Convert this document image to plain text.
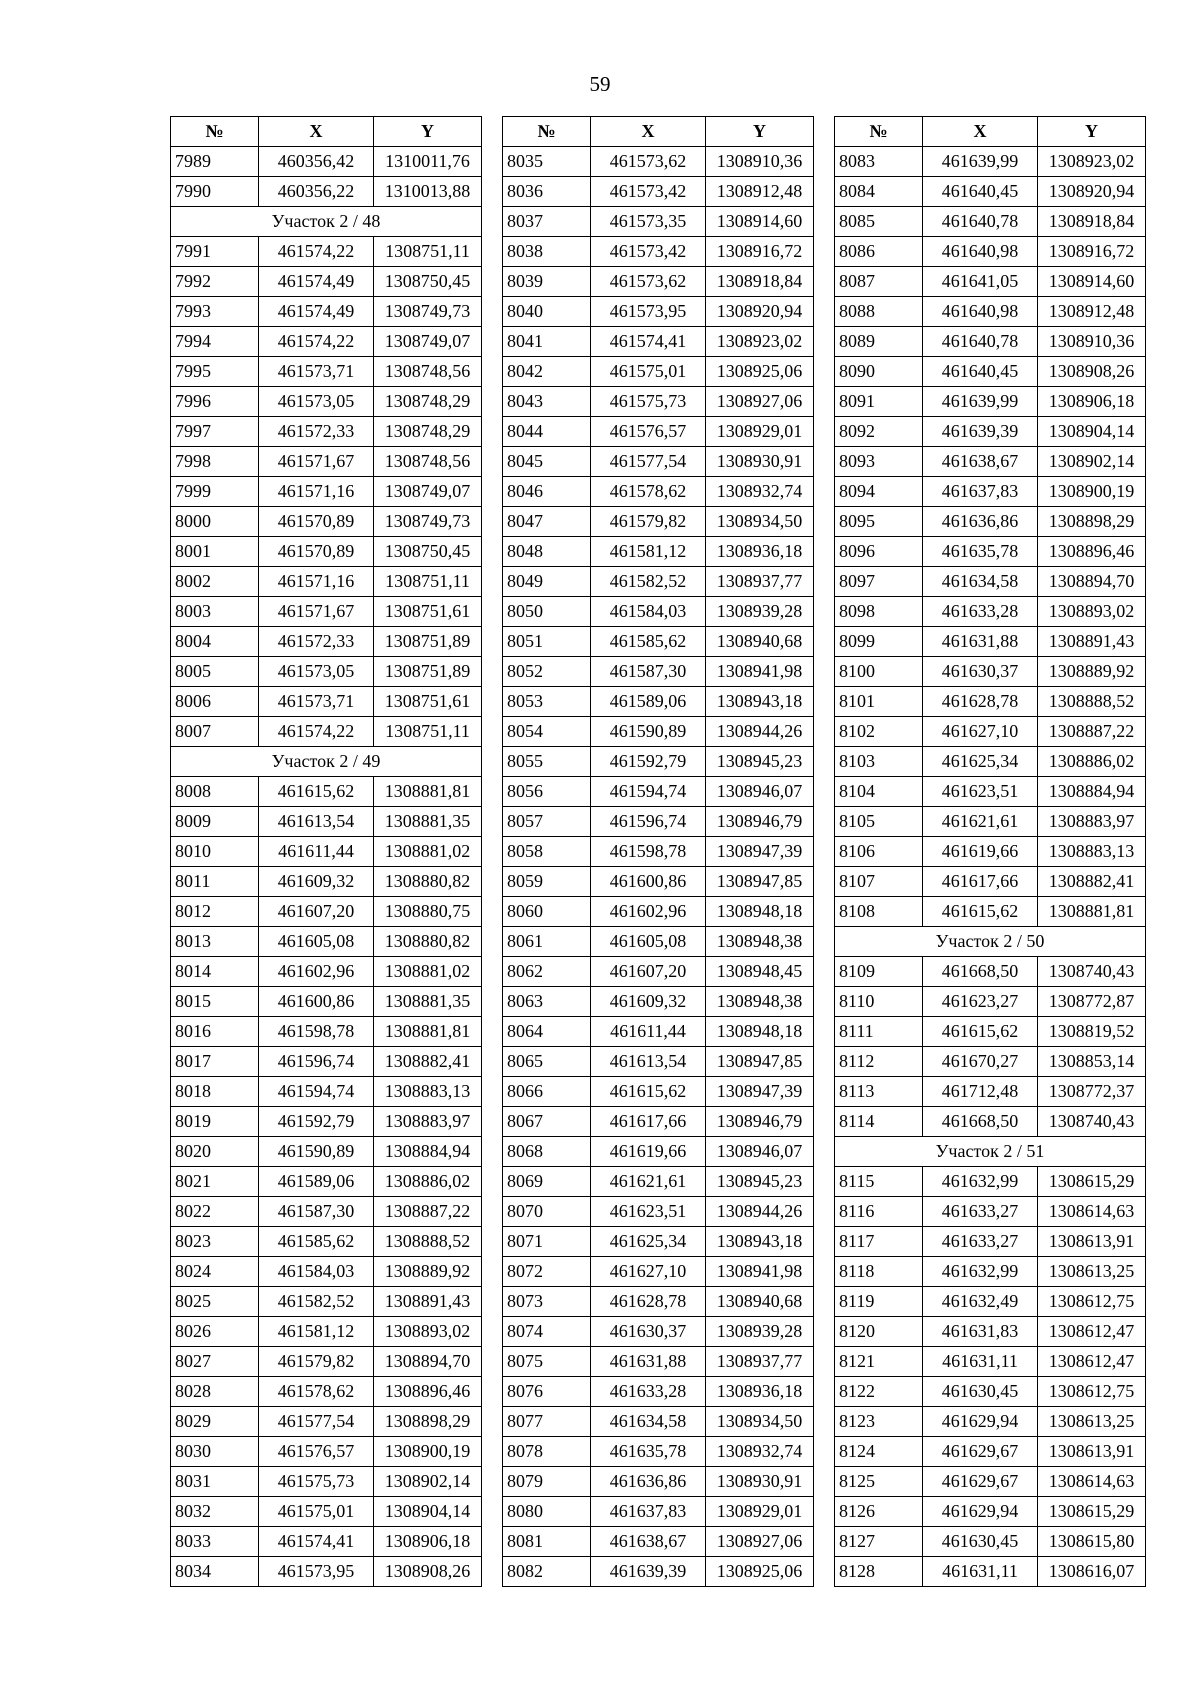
59
№	X	Y
7989	460356,42	1310011,76
7990	460356,22	1310013,88
Участок 2 / 48		
7991	461574,22	1308751,11
7992	461574,49	1308750,45
7993	461574,49	1308749,73
7994	461574,22	1308749,07
7995	461573,71	1308748,56
7996	461573,05	1308748,29
7997	461572,33	1308748,29
7998	461571,67	1308748,56
7999	461571,16	1308749,07
8000	461570,89	1308749,73
8001	461570,89	1308750,45
8002	461571,16	1308751,11
8003	461571,67	1308751,61
8004	461572,33	1308751,89
8005	461573,05	1308751,89
8006	461573,71	1308751,61
8007	461574,22	1308751,11
Участок 2 / 49		
8008	461615,62	1308881,81
8009	461613,54	1308881,35
8010	461611,44	1308881,02
8011	461609,32	1308880,82
8012	461607,20	1308880,75
8013	461605,08	1308880,82
8014	461602,96	1308881,02
8015	461600,86	1308881,35
8016	461598,78	1308881,81
8017	461596,74	1308882,41
8018	461594,74	1308883,13
8019	461592,79	1308883,97
8020	461590,89	1308884,94
8021	461589,06	1308886,02
8022	461587,30	1308887,22
8023	461585,62	1308888,52
8024	461584,03	1308889,92
8025	461582,52	1308891,43
8026	461581,12	1308893,02
8027	461579,82	1308894,70
8028	461578,62	1308896,46
8029	461577,54	1308898,29
8030	461576,57	1308900,19
8031	461575,73	1308902,14
8032	461575,01	1308904,14
8033	461574,41	1308906,18
8034	461573,95	1308908,26
№	X	Y
8035	461573,62	1308910,36
8036	461573,42	1308912,48
8037	461573,35	1308914,60
8038	461573,42	1308916,72
8039	461573,62	1308918,84
8040	461573,95	1308920,94
8041	461574,41	1308923,02
8042	461575,01	1308925,06
8043	461575,73	1308927,06
8044	461576,57	1308929,01
8045	461577,54	1308930,91
8046	461578,62	1308932,74
8047	461579,82	1308934,50
8048	461581,12	1308936,18
8049	461582,52	1308937,77
8050	461584,03	1308939,28
8051	461585,62	1308940,68
8052	461587,30	1308941,98
8053	461589,06	1308943,18
8054	461590,89	1308944,26
8055	461592,79	1308945,23
8056	461594,74	1308946,07
8057	461596,74	1308946,79
8058	461598,78	1308947,39
8059	461600,86	1308947,85
8060	461602,96	1308948,18
8061	461605,08	1308948,38
8062	461607,20	1308948,45
8063	461609,32	1308948,38
8064	461611,44	1308948,18
8065	461613,54	1308947,85
8066	461615,62	1308947,39
8067	461617,66	1308946,79
8068	461619,66	1308946,07
8069	461621,61	1308945,23
8070	461623,51	1308944,26
8071	461625,34	1308943,18
8072	461627,10	1308941,98
8073	461628,78	1308940,68
8074	461630,37	1308939,28
8075	461631,88	1308937,77
8076	461633,28	1308936,18
8077	461634,58	1308934,50
8078	461635,78	1308932,74
8079	461636,86	1308930,91
8080	461637,83	1308929,01
8081	461638,67	1308927,06
8082	461639,39	1308925,06
№	X	Y
8083	461639,99	1308923,02
8084	461640,45	1308920,94
8085	461640,78	1308918,84
8086	461640,98	1308916,72
8087	461641,05	1308914,60
8088	461640,98	1308912,48
8089	461640,78	1308910,36
8090	461640,45	1308908,26
8091	461639,99	1308906,18
8092	461639,39	1308904,14
8093	461638,67	1308902,14
8094	461637,83	1308900,19
8095	461636,86	1308898,29
8096	461635,78	1308896,46
8097	461634,58	1308894,70
8098	461633,28	1308893,02
8099	461631,88	1308891,43
8100	461630,37	1308889,92
8101	461628,78	1308888,52
8102	461627,10	1308887,22
8103	461625,34	1308886,02
8104	461623,51	1308884,94
8105	461621,61	1308883,97
8106	461619,66	1308883,13
8107	461617,66	1308882,41
8108	461615,62	1308881,81
Участок 2 / 50		
8109	461668,50	1308740,43
8110	461623,27	1308772,87
8111	461615,62	1308819,52
8112	461670,27	1308853,14
8113	461712,48	1308772,37
8114	461668,50	1308740,43
Участок 2 / 51		
8115	461632,99	1308615,29
8116	461633,27	1308614,63
8117	461633,27	1308613,91
8118	461632,99	1308613,25
8119	461632,49	1308612,75
8120	461631,83	1308612,47
8121	461631,11	1308612,47
8122	461630,45	1308612,75
8123	461629,94	1308613,25
8124	461629,67	1308613,91
8125	461629,67	1308614,63
8126	461629,94	1308615,29
8127	461630,45	1308615,80
8128	461631,11	1308616,07
